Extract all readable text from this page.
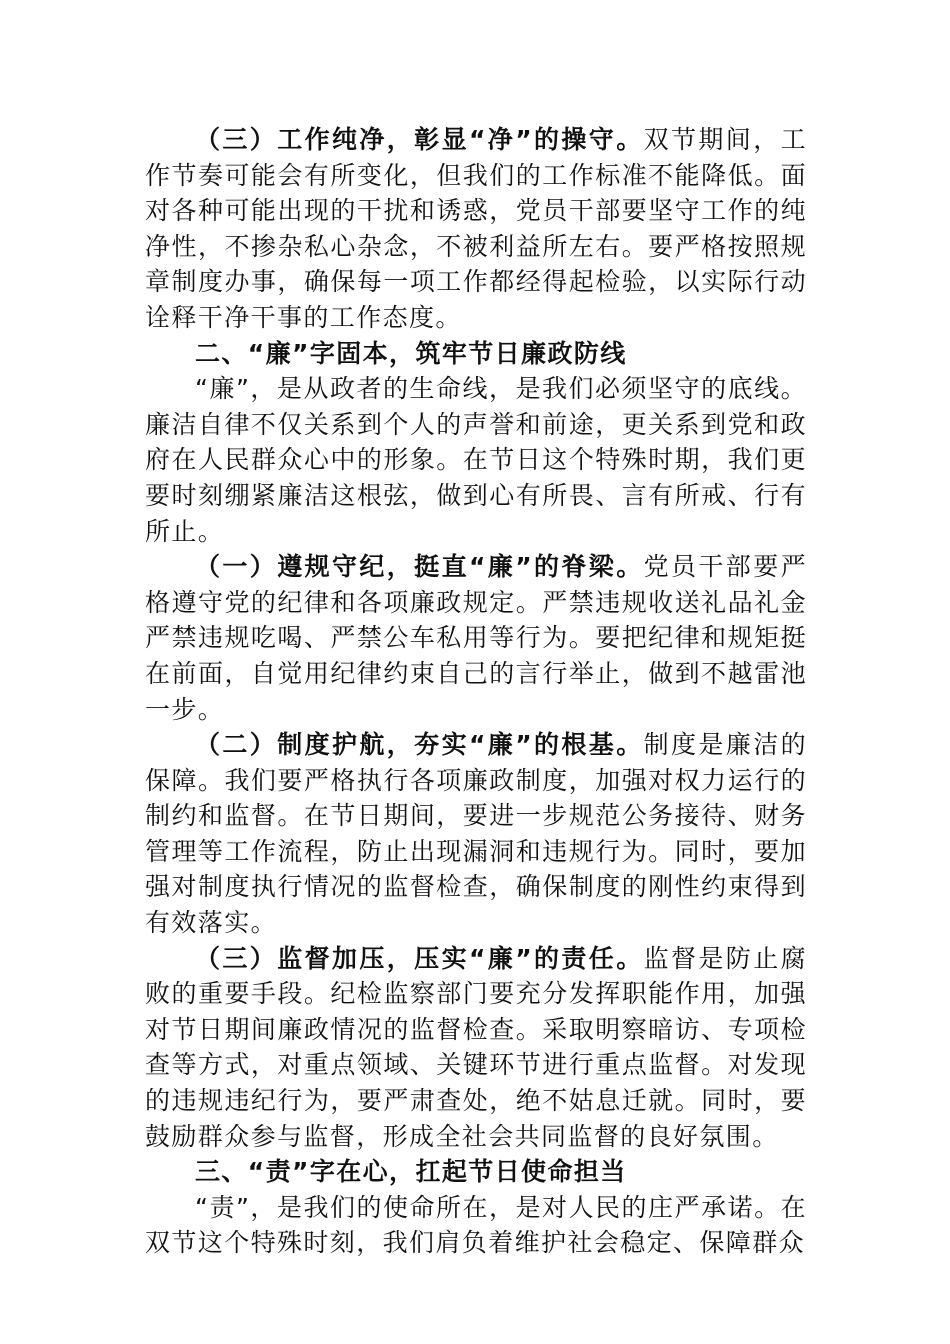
（三）工作纯净，彰显“净”的操守。双节期间，工作节奏可能会有所变化，但我们的工作标准不能降低。面对各种可能出现的干扰和诱惑，党员干部要坚守工作的纯净性，不掺杂私心杂念，不被利益所左右。要严格按照规章制度办事，确保每一项工作都经得起检验，以实际行动诠释干净干事的工作态度。

二、“廉”字固本，筑牢节日廉政防线

“廉”，是从政者的生命线，是我们必须坚守的底线。廉洁自律不仅关系到个人的声誉和前途，更关系到党和政府在人民群众心中的形象。在节日这个特殊时期，我们更要时刻绷紧廉洁这根弦，做到心有所畏、言有所戒、行有所止。

（一）遵规守纪，挺直“廉”的脊梁。党员干部要严格遵守党的纪律和各项廉政规定。严禁违规收送礼品礼金严禁违规吃喝、严禁公车私用等行为。要把纪律和规矩挺在前面，自觉用纪律约束自己的言行举止，做到不越雷池一步。

（二）制度护航，夯实“廉”的根基。制度是廉洁的保障。我们要严格执行各项廉政制度，加强对权力运行的制约和监督。在节日期间，要进一步规范公务接待、财务管理等工作流程，防止出现漏洞和违规行为。同时，要加强对制度执行情况的监督检查，确保制度的刚性约束得到有效落实。

（三）监督加压，压实“廉”的责任。监督是防止腐败的重要手段。纪检监察部门要充分发挥职能作用，加强对节日期间廉政情况的监督检查。采取明察暗访、专项检查等方式，对重点领域、关键环节进行重点监督。对发现的违规违纪行为，要严肃查处，绝不姑息迁就。同时，要鼓励群众参与监督，形成全社会共同监督的良好氛围。

三、“责”字在心，扛起节日使命担当

“责”，是我们的使命所在，是对人民的庄严承诺。在双节这个特殊时刻，我们肩负着维护社会稳定、保障群众
